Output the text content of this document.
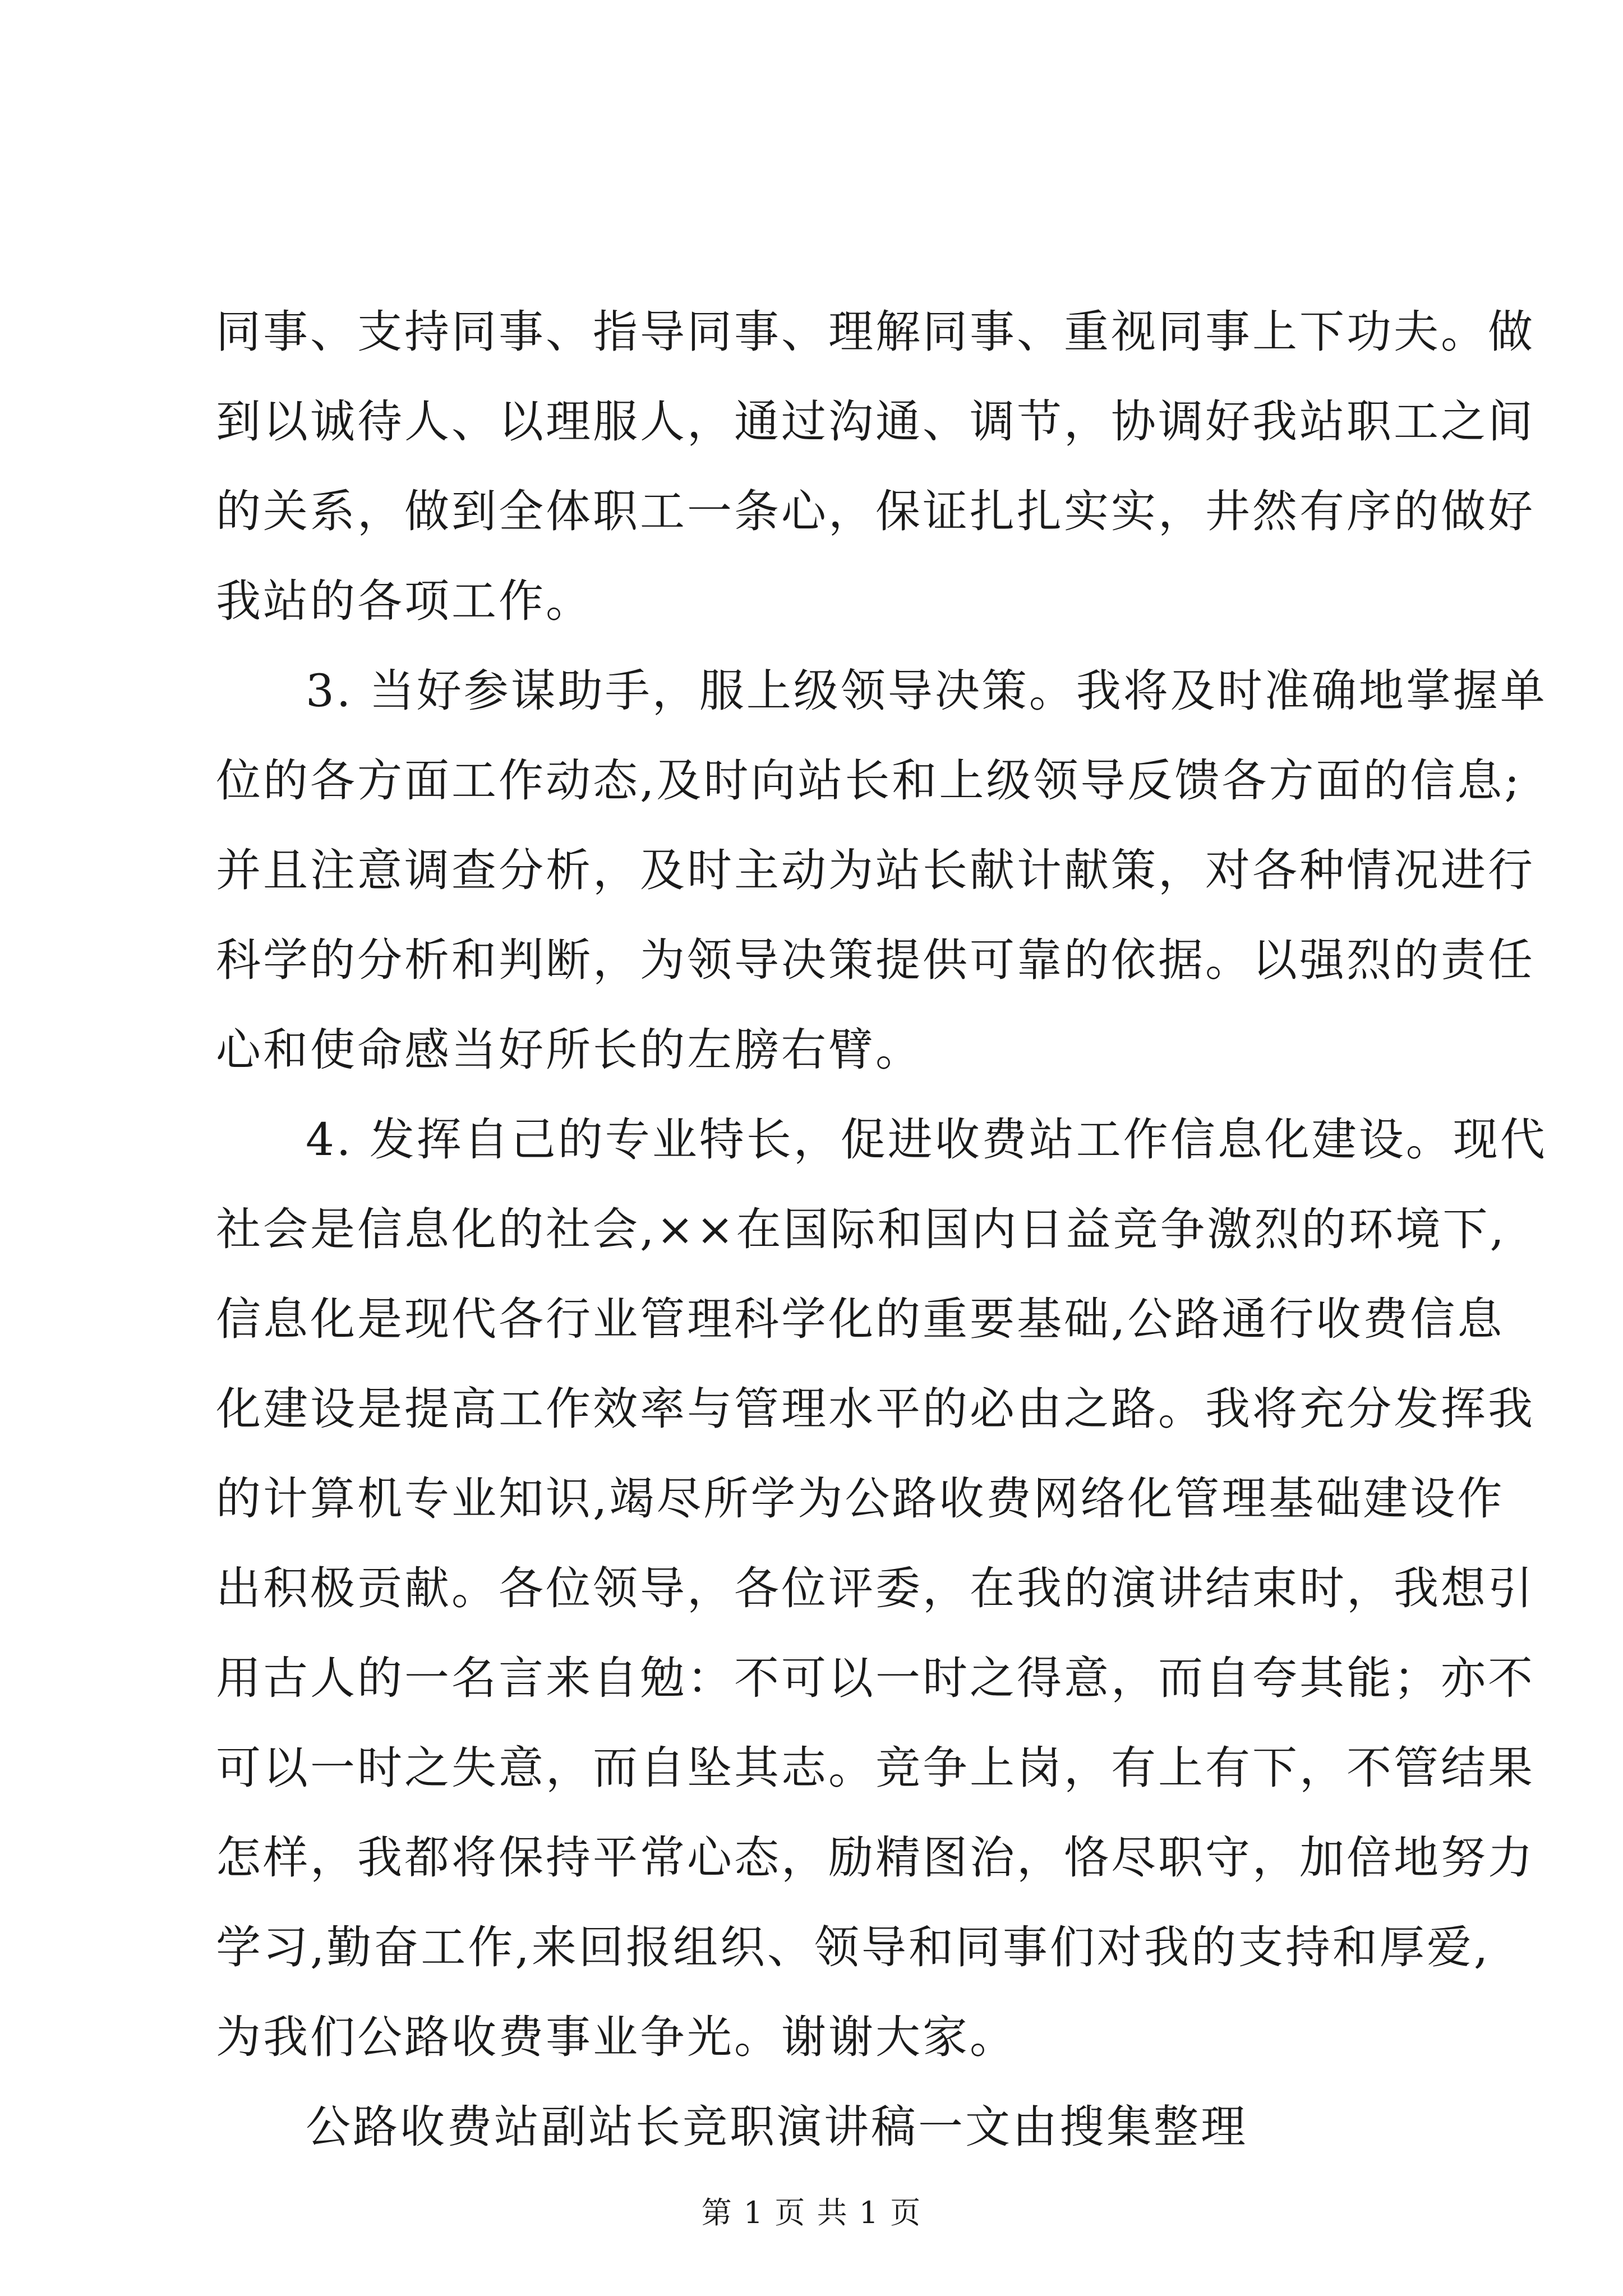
同事、支持同事、指导同事、理解同事、重视同事上下功夫。做
到以诚待人、以理服人，通过沟通、调节，协调好我站职工之间
的关系，做到全体职工一条心，保证扎扎实实，井然有序的做好
我站的各项工作。
3. 当好参谋助手，服上级领导决策。我将及时准确地掌握单
位的各方面工作动态,及时向站长和上级领导反馈各方面的信息;
并且注意调查分析，及时主动为站长献计献策，对各种情况进行
科学的分析和判断，为领导决策提供可靠的依据。以强烈的责任
心和使命感当好所长的左膀右臂。
4. 发挥自己的专业特长，促进收费站工作信息化建设。现代
社会是信息化的社会,××在国际和国内日益竞争激烈的环境下,
信息化是现代各行业管理科学化的重要基础,公路通行收费信息
化建设是提高工作效率与管理水平的必由之路。我将充分发挥我
的计算机专业知识,竭尽所学为公路收费网络化管理基础建设作
出积极贡献。各位领导，各位评委，在我的演讲结束时，我想引
用古人的一名言来自勉：不可以一时之得意，而自夸其能；亦不
可以一时之失意，而自坠其志。竞争上岗，有上有下，不管结果
怎样，我都将保持平常心态，励精图治，恪尽职守，加倍地努力
学习,勤奋工作,来回报组织、领导和同事们对我的支持和厚爱,
为我们公路收费事业争光。谢谢大家。
公路收费站副站长竞职演讲稿一文由搜集整理
第 1 页 共 1 页
